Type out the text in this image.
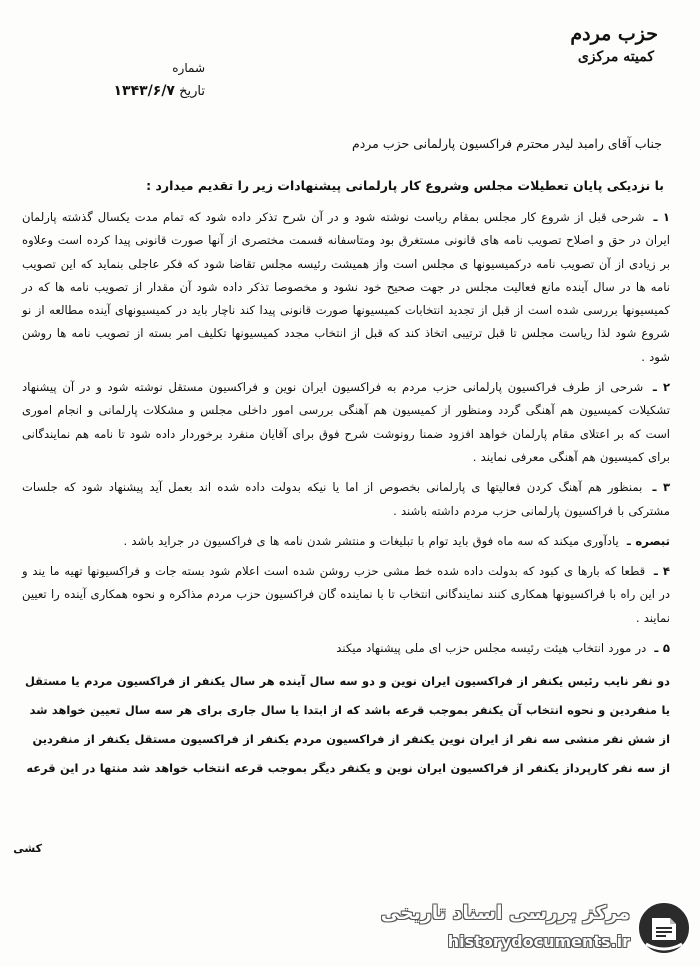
حزب مردم
کمیته مرکزی
شماره
تاریخ ۱۳۴۳/۶/۷
جناب آقای رامبد لیدر محترم فراکسیون پارلمانی حزب مردم
با نزدیکی پایان تعطیلات مجلس وشروع کار پارلمانی پیشنهادات زیر را تقدیم میدارد :

۱ ـ شرحی قبل از شروع کار مجلس بمقام ریاست نوشته شود و در آن شرح تذکر داده شود که تمام مدت یکسال گذشته پارلمان ایران در حق و اصلاح تصویب نامه های قانونی مستغرق بود ومتاسفانه قسمت مختصری از آنها صورت قانونی پیدا کرده است وعلاوه بر زیادی از آن تصویب نامه درکمیسیونها ی مجلس است واز همیشت رئیسه مجلس تقاضا شود که فکر عاجلی بنماید که این تصویب نامه ها در سال آینده مانع فعالیت مجلس در جهت صحیح خود نشود و مخصوصا تذکر داده شود آن مقدار از تصویب نامه ها که در کمیسیونها بررسی شده است از قبل از تجدید انتخابات کمیسیونها صورت قانونی پیدا کند ناچار باید در کمیسیونهای آینده مطالعه از نو شروع شود لذا ریاست مجلس تا قبل ترتیبی اتخاذ کند که قبل از انتخاب مجدد کمیسیونها تکلیف امر بسته از تصویب نامه ها روشن شود .

۲ ـ شرحی از طرف فراکسیون پارلمانی حزب مردم به فراکسیون ایران نوین و فراکسیون مستقل نوشته شود و در آن پیشنهاد تشکیلات کمیسیون هم آهنگی گردد ومنظور از کمیسیون هم آهنگی بررسی امور داخلی مجلس و مشکلات پارلمانی و انجام اموری است که بر اعتلای مقام پارلمان خواهد افزود ضمنا رونوشت شرح فوق برای آقایان منفرد برخوردار داده شود تا نامه هم نمایندگانی برای کمیسیون هم آهنگی معرفی نمایند .

۳ ـ بمنظور هم آهنگ کردن فعالیتها ی پارلمانی بخصوص از اما یا نیکه بدولت داده شده اند بعمل آید پیشنهاد شود که جلسات مشترکی با فراکسیون پارلمانی حزب مردم داشته باشند .

تبصره ـ یادآوری میکند که سه ماه فوق باید توام با تبلیغات و منتشر شدن نامه ها ی فراکسیون در جراید باشد .

۴ ـ قطعا که بارها ی کبود که بدولت داده شده خط مشی حزب روشن شده است اعلام شود بسته جات و فراکسیونها تهیه ما یند و در این راه با فراکسیونها همکاری کنند نمایندگانی انتخاب تا با نماینده گان فراکسیون حزب مردم مذاکره و نحوه همکاری آینده را تعیین نمایند .

۵ ـ در مورد انتخاب هیئت رئیسه مجلس حزب ای ملی پیشنهاد میکند

دو نفر نایب رئیس یکنفر از فراکسیون ایران نوین و دو سه سال آینده هر سال یکنفر از فراکسیون مردم یا مستقل
یا منفردین و نحوه انتخاب آن یکنفر بموجب قرعه باشد که از ابتدا یا سال جاری برای هر سه سال تعیین خواهد شد
از شش نفر منشی سه نفر از ایران نوین یکنفر از فراکسیون مردم یکنفر از فراکسیون مستقل یکنفر از منفردین
از سه نفر کارپرداز یکنفر از فراکسیون ایران نوین و یکنفر دیگر بموجب قرعه انتخاب خواهد شد منتها در این قرعه
کشی
مرکز بررسی اسناد تاریخی
historydocuments.ir
